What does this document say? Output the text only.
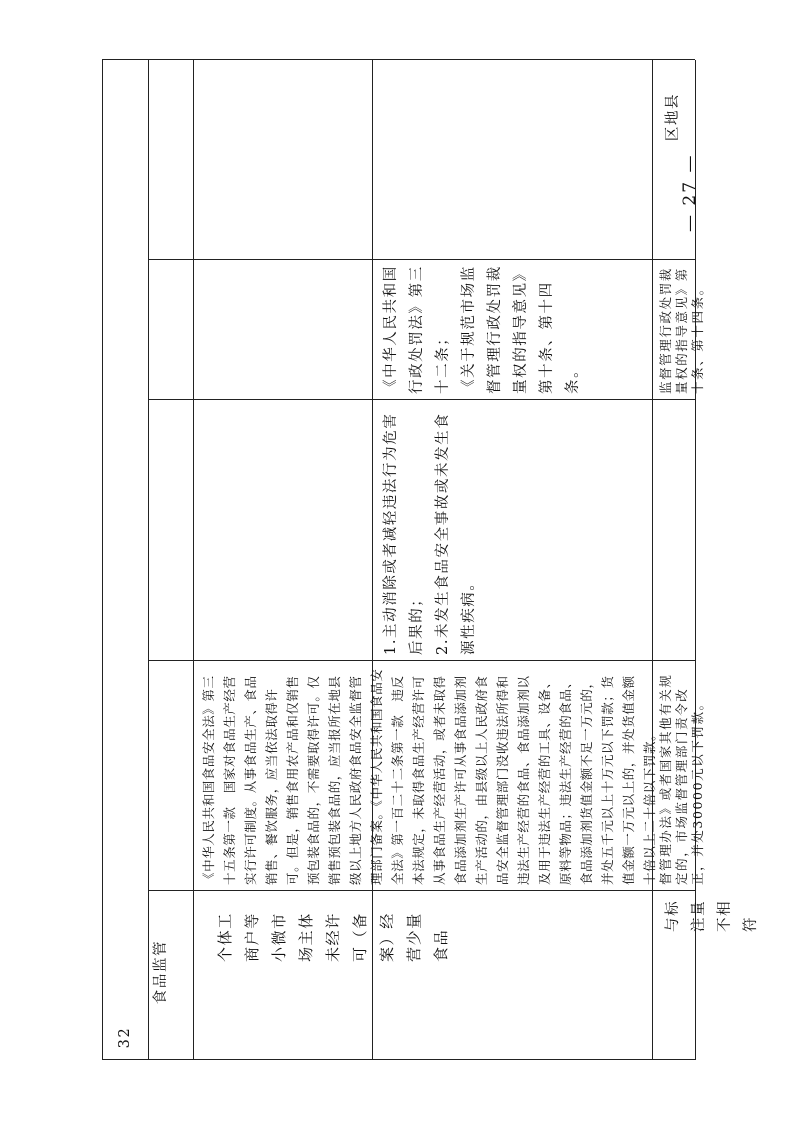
32
食品监管
个体工商户等小微市场主体未经许可（备案）经营少量食品
《中华人民共和国食品安全法》第三十五条第一款　国家对食品生产经营实行许可制度。从事食品生产、食品销售、餐饮服务，应当依法取得许可。但是，销售食用农产品和仅销售预包装食品的，不需要取得许可。仅销售预包装食品的，应当报所在地县级以上地方人民政府食品安全监督管理部门备案。《中华人民共和国食品安全法》第一百二十二条第一款　违反本法规定，未取得食品生产经营许可从事食品生产经营活动，或者未取得食品添加剂生产许可从事食品添加剂生产活动的，由县级以上人民政府食品安全监督管理部门没收违法所得和违法生产经营的食品、食品添加剂以及用于违法生产经营的工具、设备、原料等物品；违法生产经营的食品、食品添加剂货值金额不足一万元的，并处五千元以上十万元以下罚款；货值金额一万元以上的，并处货值金额十倍以上二十倍以下罚款。
1.主动消除或者减轻违法行为危害后果的；
2.未发生食品安全事故或未发生食源性疾病。
《中华人民共和国行政处罚法》第三十二条；
《关于规范市场监督管理行政处罚裁量权的指导意见》第十条、第十四条。
与标注量不相符
督管理办法》或者国家其他有关规定的，市场监督管理部门责令改正，并处30000元以下罚款。
监督管理行政处罚裁量权的指导意见》第十条、第十四条。
区地县
— 27 —
